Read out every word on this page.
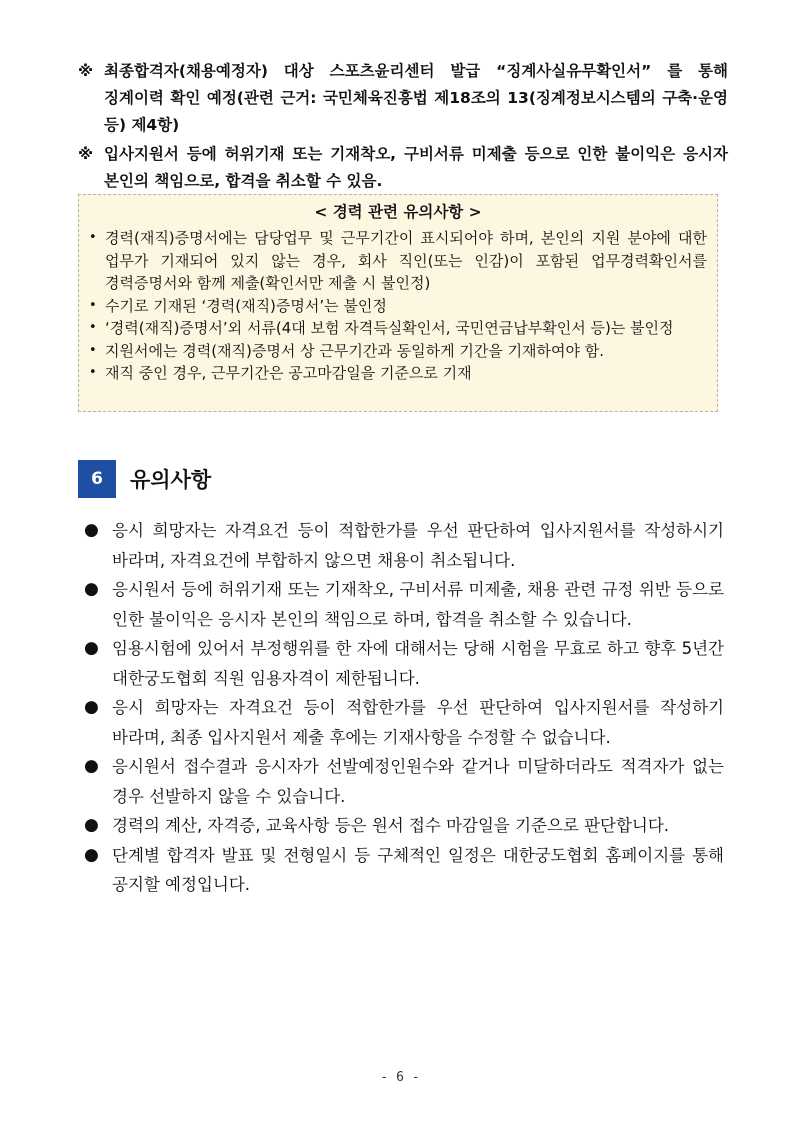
※ 최종합격자(채용예정자) 대상 스포츠윤리센터 발급 “징계사실유무확인서” 를 통해 징계이력 확인 예정(관련 근거: 국민체육진흥법 제18조의 13(징계정보시스템의 구축·운영 등) 제4항)
※ 입사지원서 등에 허위기재 또는 기재착오, 구비서류 미제출 등으로 인한 불이익은 응시자 본인의 책임으로, 합격을 취소할 수 있음.
< 경력 관련 유의사항 >
• 경력(재직)증명서에는 담당업무 및 근무기간이 표시되어야 하며, 본인의 지원 분야에 대한 업무가 기재되어 있지 않는 경우, 회사 직인(또는 인감)이 포함된 업무경력확인서를 경력증명서와 함께 제출(확인서만 제출 시 불인정)
• 수기로 기재된 ‘경력(재직)증명서’는 불인정
• ‘경력(재직)증명서’외 서류(4대 보험 자격득실확인서, 국민연금납부확인서 등)는 불인정
• 지원서에는 경력(재직)증명서 상 근무기간과 동일하게 기간을 기재하여야 함.
• 재직 중인 경우, 근무기간은 공고마감일을 기준으로 기재
6	유의사항
● 응시 희망자는 자격요건 등이 적합한가를 우선 판단하여 입사지원서를 작성하시기 바라며, 자격요건에 부합하지 않으면 채용이 취소됩니다.
● 응시원서 등에 허위기재 또는 기재착오, 구비서류 미제출, 채용 관련 규정 위반 등으로 인한 불이익은 응시자 본인의 책임으로 하며, 합격을 취소할 수 있습니다.
● 임용시험에 있어서 부정행위를 한 자에 대해서는 당해 시험을 무효로 하고 향후 5년간 대한궁도협회 직원 임용자격이 제한됩니다.
● 응시 희망자는 자격요건 등이 적합한가를 우선 판단하여 입사지원서를 작성하기 바라며, 최종 입사지원서 제출 후에는 기재사항을 수정할 수 없습니다.
● 응시원서 접수결과 응시자가 선발예정인원수와 같거나 미달하더라도 적격자가 없는 경우 선발하지 않을 수 있습니다.
● 경력의 계산, 자격증, 교육사항 등은 원서 접수 마감일을 기준으로 판단합니다.
● 단계별 합격자 발표 및 전형일시 등 구체적인 일정은 대한궁도협회 홈페이지를 통해 공지할 예정입니다.
- 6 -
